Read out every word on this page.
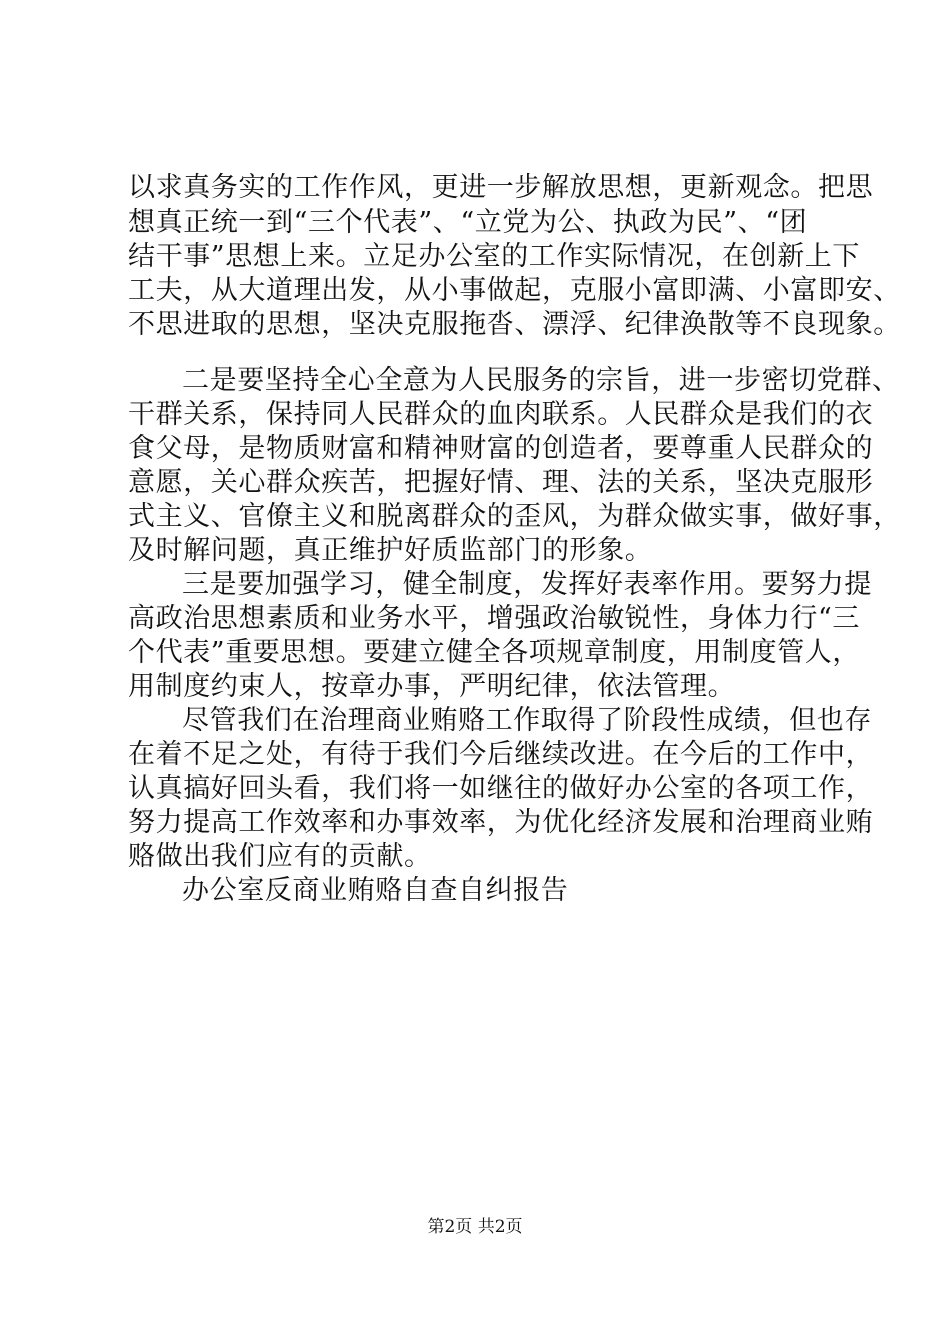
以求真务实的工作作风，更进一步解放思想，更新观念。把思
想真正统一到“三个代表”、“立党为公、执政为民”、“团
结干事”思想上来。立足办公室的工作实际情况，在创新上下
工夫，从大道理出发，从小事做起，克服小富即满、小富即安、
不思进取的思想，坚决克服拖沓、漂浮、纪律涣散等不良现象。
二是要坚持全心全意为人民服务的宗旨，进一步密切党群、
干群关系，保持同人民群众的血肉联系。人民群众是我们的衣
食父母，是物质财富和精神财富的创造者，要尊重人民群众的
意愿，关心群众疾苦，把握好情、理、法的关系，坚决克服形
式主义、官僚主义和脱离群众的歪风，为群众做实事，做好事，
及时解问题，真正维护好质监部门的形象。
三是要加强学习，健全制度，发挥好表率作用。要努力提
高政治思想素质和业务水平，增强政治敏锐性，身体力行“三
个代表”重要思想。要建立健全各项规章制度，用制度管人，
用制度约束人，按章办事，严明纪律，依法管理。
尽管我们在治理商业贿赂工作取得了阶段性成绩，但也存
在着不足之处，有待于我们今后继续改进。在今后的工作中，
认真搞好回头看，我们将一如继往的做好办公室的各项工作，
努力提高工作效率和办事效率，为优化经济发展和治理商业贿
赂做出我们应有的贡献。
办公室反商业贿赂自查自纠报告
第2页 共2页
